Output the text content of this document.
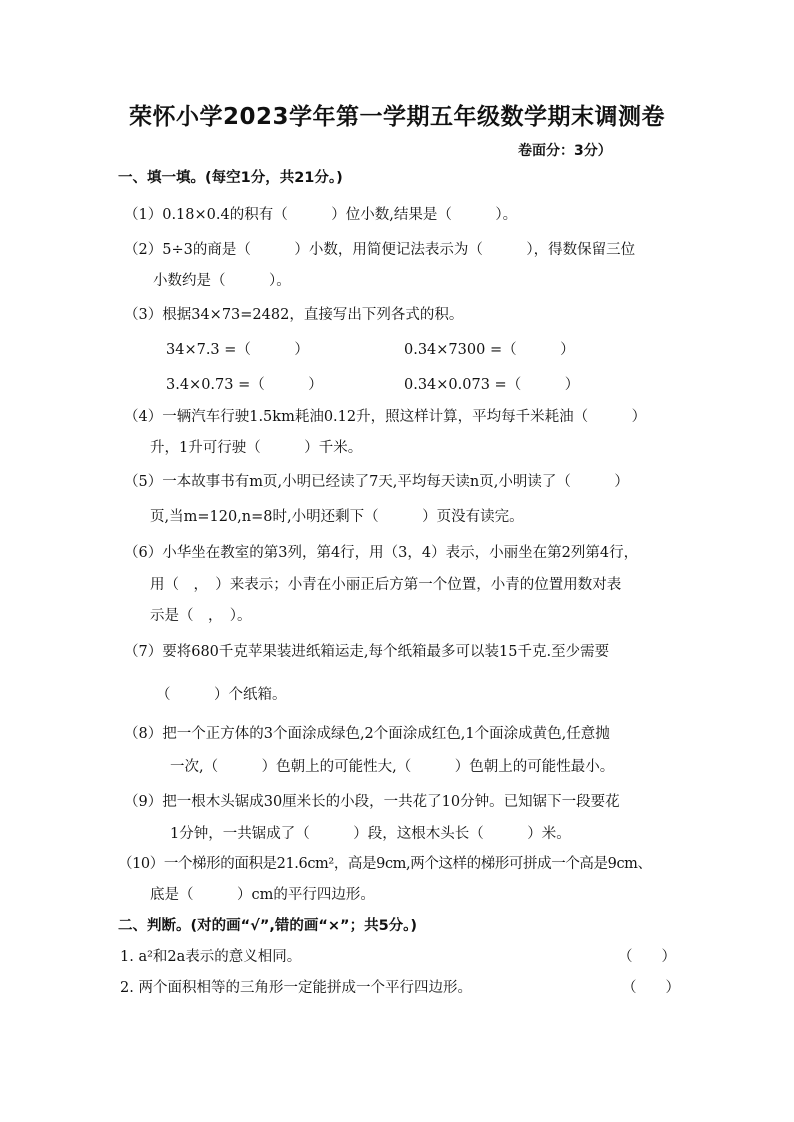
荣怀小学2023学年第一学期五年级数学期末调测卷
卷面分：3分）
一、填一填。(每空1分，共21分。)
（1）0.18×0.4的积有（　　　）位小数,结果是（　　　）。
（2）5÷3的商是（　　　）小数，用简便记法表示为（　　　），得数保留三位
小数约是（　　　）。
（3）根据34×73=2482，直接写出下列各式的积。
34×7.3 =（　　　）	0.34×7300 =（　　　）
3.4×0.73 =（　　　）	0.34×0.073 =（　　　）
（4）一辆汽车行驶1.5km耗油0.12升，照这样计算，平均每千米耗油（　　　）
升，1升可行驶（　　　）千米。
（5）一本故事书有m页,小明已经读了7天,平均每天读n页,小明读了（　　　）
页,当m=120,n=8时,小明还剩下（　　　）页没有读完。
（6）小华坐在教室的第3列，第4行，用（3，4）表示，小丽坐在第2列第4行，
用（　，　）来表示；小青在小丽正后方第一个位置，小青的位置用数对表
示是（　，　）。
（7）要将680千克苹果装进纸箱运走,每个纸箱最多可以装15千克.至少需要
（　　　）个纸箱。
（8）把一个正方体的3个面涂成绿色,2个面涂成红色,1个面涂成黄色,任意抛
一次,（　　　）色朝上的可能性大,（　　　）色朝上的可能性最小。
（9）把一根木头锯成30厘米长的小段，一共花了10分钟。已知锯下一段要花
1分钟，一共锯成了（　　　）段，这根木头长（　　　）米。
（10）一个梯形的面积是21.6cm²，高是9cm,两个这样的梯形可拼成一个高是9cm、
底是（　　　）cm的平行四边形。
二、判断。(对的画“√”,错的画“×”；共5分。)
1. a²和2a表示的意义相同。	（　　）
2. 两个面积相等的三角形一定能拼成一个平行四边形。	（　　）
